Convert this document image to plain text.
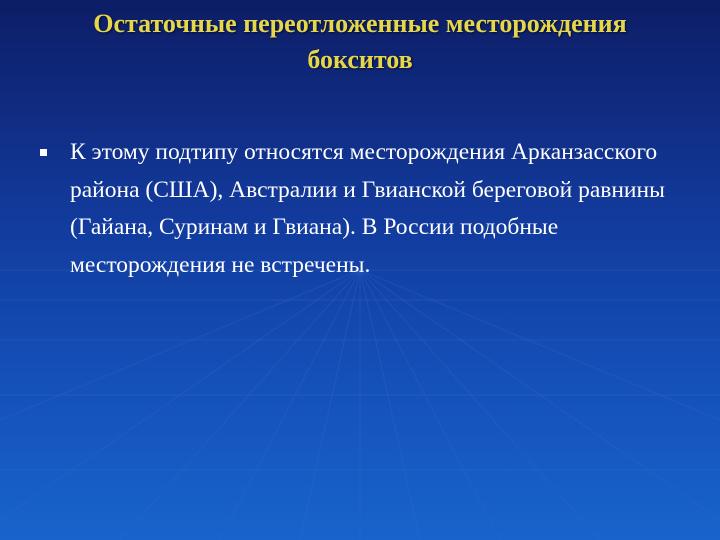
Остаточные переотложенные месторождения
бокситов
К этому подтипу относятся месторождения Арканзасского района (США), Австралии и Гвианской береговой равнины (Гайана, Суринам и Гвиана). В России подобные месторождения не встречены.
